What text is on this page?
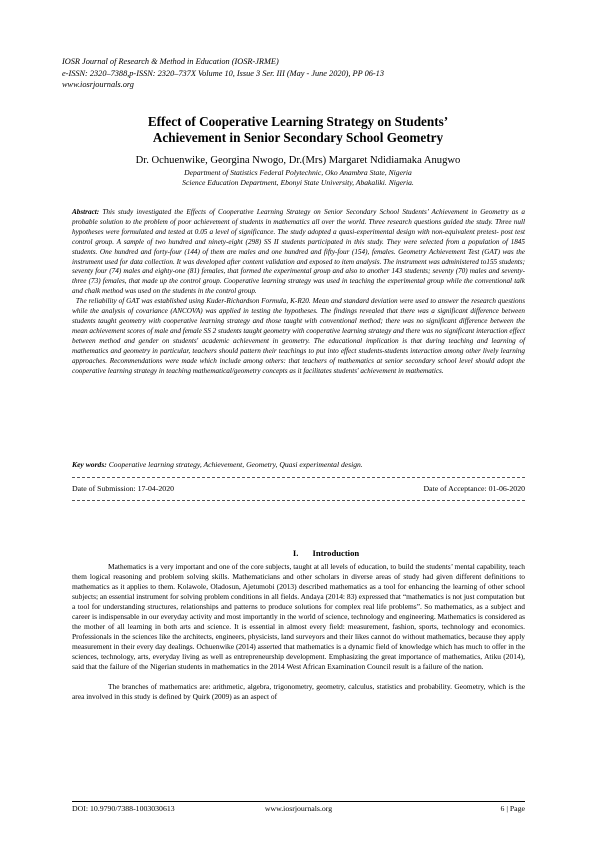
IOSR Journal of Research & Method in Education (IOSR-JRME)
e-ISSN: 2320–7388,p-ISSN: 2320–737X Volume 10, Issue 3 Ser. III (May - June 2020), PP 06-13
www.iosrjournals.org
Effect of Cooperative Learning Strategy on Students’
Achievement in Senior Secondary School Geometry
Dr. Ochuenwike, Georgina Nwogo, Dr.(Mrs) Margaret Ndidiamaka Anugwo
Department of Statistics Federal Polytechnic, Oko Anambra State, Nigeria
Science Education Department, Ebonyi State University, Abakaliki. Nigeria.

Abstract: This study investigated the Effects of Cooperative Learning Strategy on Senior Secondary School Students’ Achievement in Geometry as a probable solution to the problem of poor achievement of students in mathematics all over the world. Three research questions guided the study. Three null hypotheses were formulated and tested at 0.05 a level of significance. The study adopted a quasi-experimental design with non-equivalent pretest- post test control group. A sample of two hundred and ninety-eight (298) SS II students participated in this study. They were selected from a population of 1845 students. One hundred and forty-four (144) of them are males and one hundred and fifty-four (154), females. Geometry Achievement Test (GAT) was the instrument used for data collection. It was developed after content validation and exposed to item analysis. The instrument was administered to155 students; seventy four (74) males and eighty-one (81) females, that formed the experimental group and also to another 143 students; seventy (70) males and seventy-three (73) females, that made up the control group. Cooperative learning strategy was used in teaching the experimental group while the conventional talk and chalk method was used on the students in the control group.

The reliability of GAT was established using Kuder-Richardson Formula, K-R20. Mean and standard deviation were used to answer the research questions while the analysis of covariance (ANCOVA) was applied in testing the hypotheses. The findings revealed that there was a significant difference between students taught geometry with cooperative learning strategy and those taught with conventional method; there was no significant difference between the mean achievement scores of male and female SS 2 students taught geometry with cooperative learning strategy and there was no significant interaction effect between method and gender on students' academic achievement in geometry. The educational implication is that during teaching and learning of mathematics and geometry in particular, teachers should pattern their teachings to put into effect students-students interaction among other lively learning approaches. Recommendations were made which include among others: that teachers of mathematics at senior secondary school level should adopt the cooperative learning strategy in teaching mathematical/geometry concepts as it facilitates students' achievement in mathematics.

Key words: Cooperative learning strategy, Achievement, Geometry, Quasi experimental design.
Date of Submission: 17-04-2020	Date of Acceptance: 01-06-2020
I. Introduction

Mathematics is a very important and one of the core subjects, taught at all levels of education, to build the students’ mental capability, teach them logical reasoning and problem solving skills. Mathematicians and other scholars in diverse areas of study had given different definitions to mathematics as it applies to them. Kolawole, Oladosun, Ajetumobi (2013) described mathematics as a tool for enhancing the learning of other school subjects; an essential instrument for solving problem conditions in all fields. Andaya (2014: 83) expressed that “mathematics is not just computation but a tool for understanding structures, relationships and patterns to produce solutions for complex real life problems”. So mathematics, as a subject and career is indispensable in our everyday activity and most importantly in the world of science, technology and engineering. Mathematics is considered as the mother of all learning in both arts and science. It is essential in almost every field: measurement, fashion, sports, technology and economics. Professionals in the sciences like the architects, engineers, physicists, land surveyors and their likes cannot do without mathematics, because they apply measurement in their every day dealings. Ochuenwike (2014) asserted that mathematics is a dynamic field of knowledge which has much to offer in the sciences, technology, arts, everyday living as well as entrepreneurship development. Emphasizing the great importance of mathematics, Atiku (2014), said that the failure of the Nigerian students in mathematics in the 2014 West African Examination Council result is a failure of the nation.

The branches of mathematics are: arithmetic, algebra, trigonometry, geometry, calculus, statistics and probability. Geometry, which is the area involved in this study is defined by Quirk (2009) as an aspect of

DOI: 10.9790/7388-1003030613	www.iosrjournals.org	6 | Page
